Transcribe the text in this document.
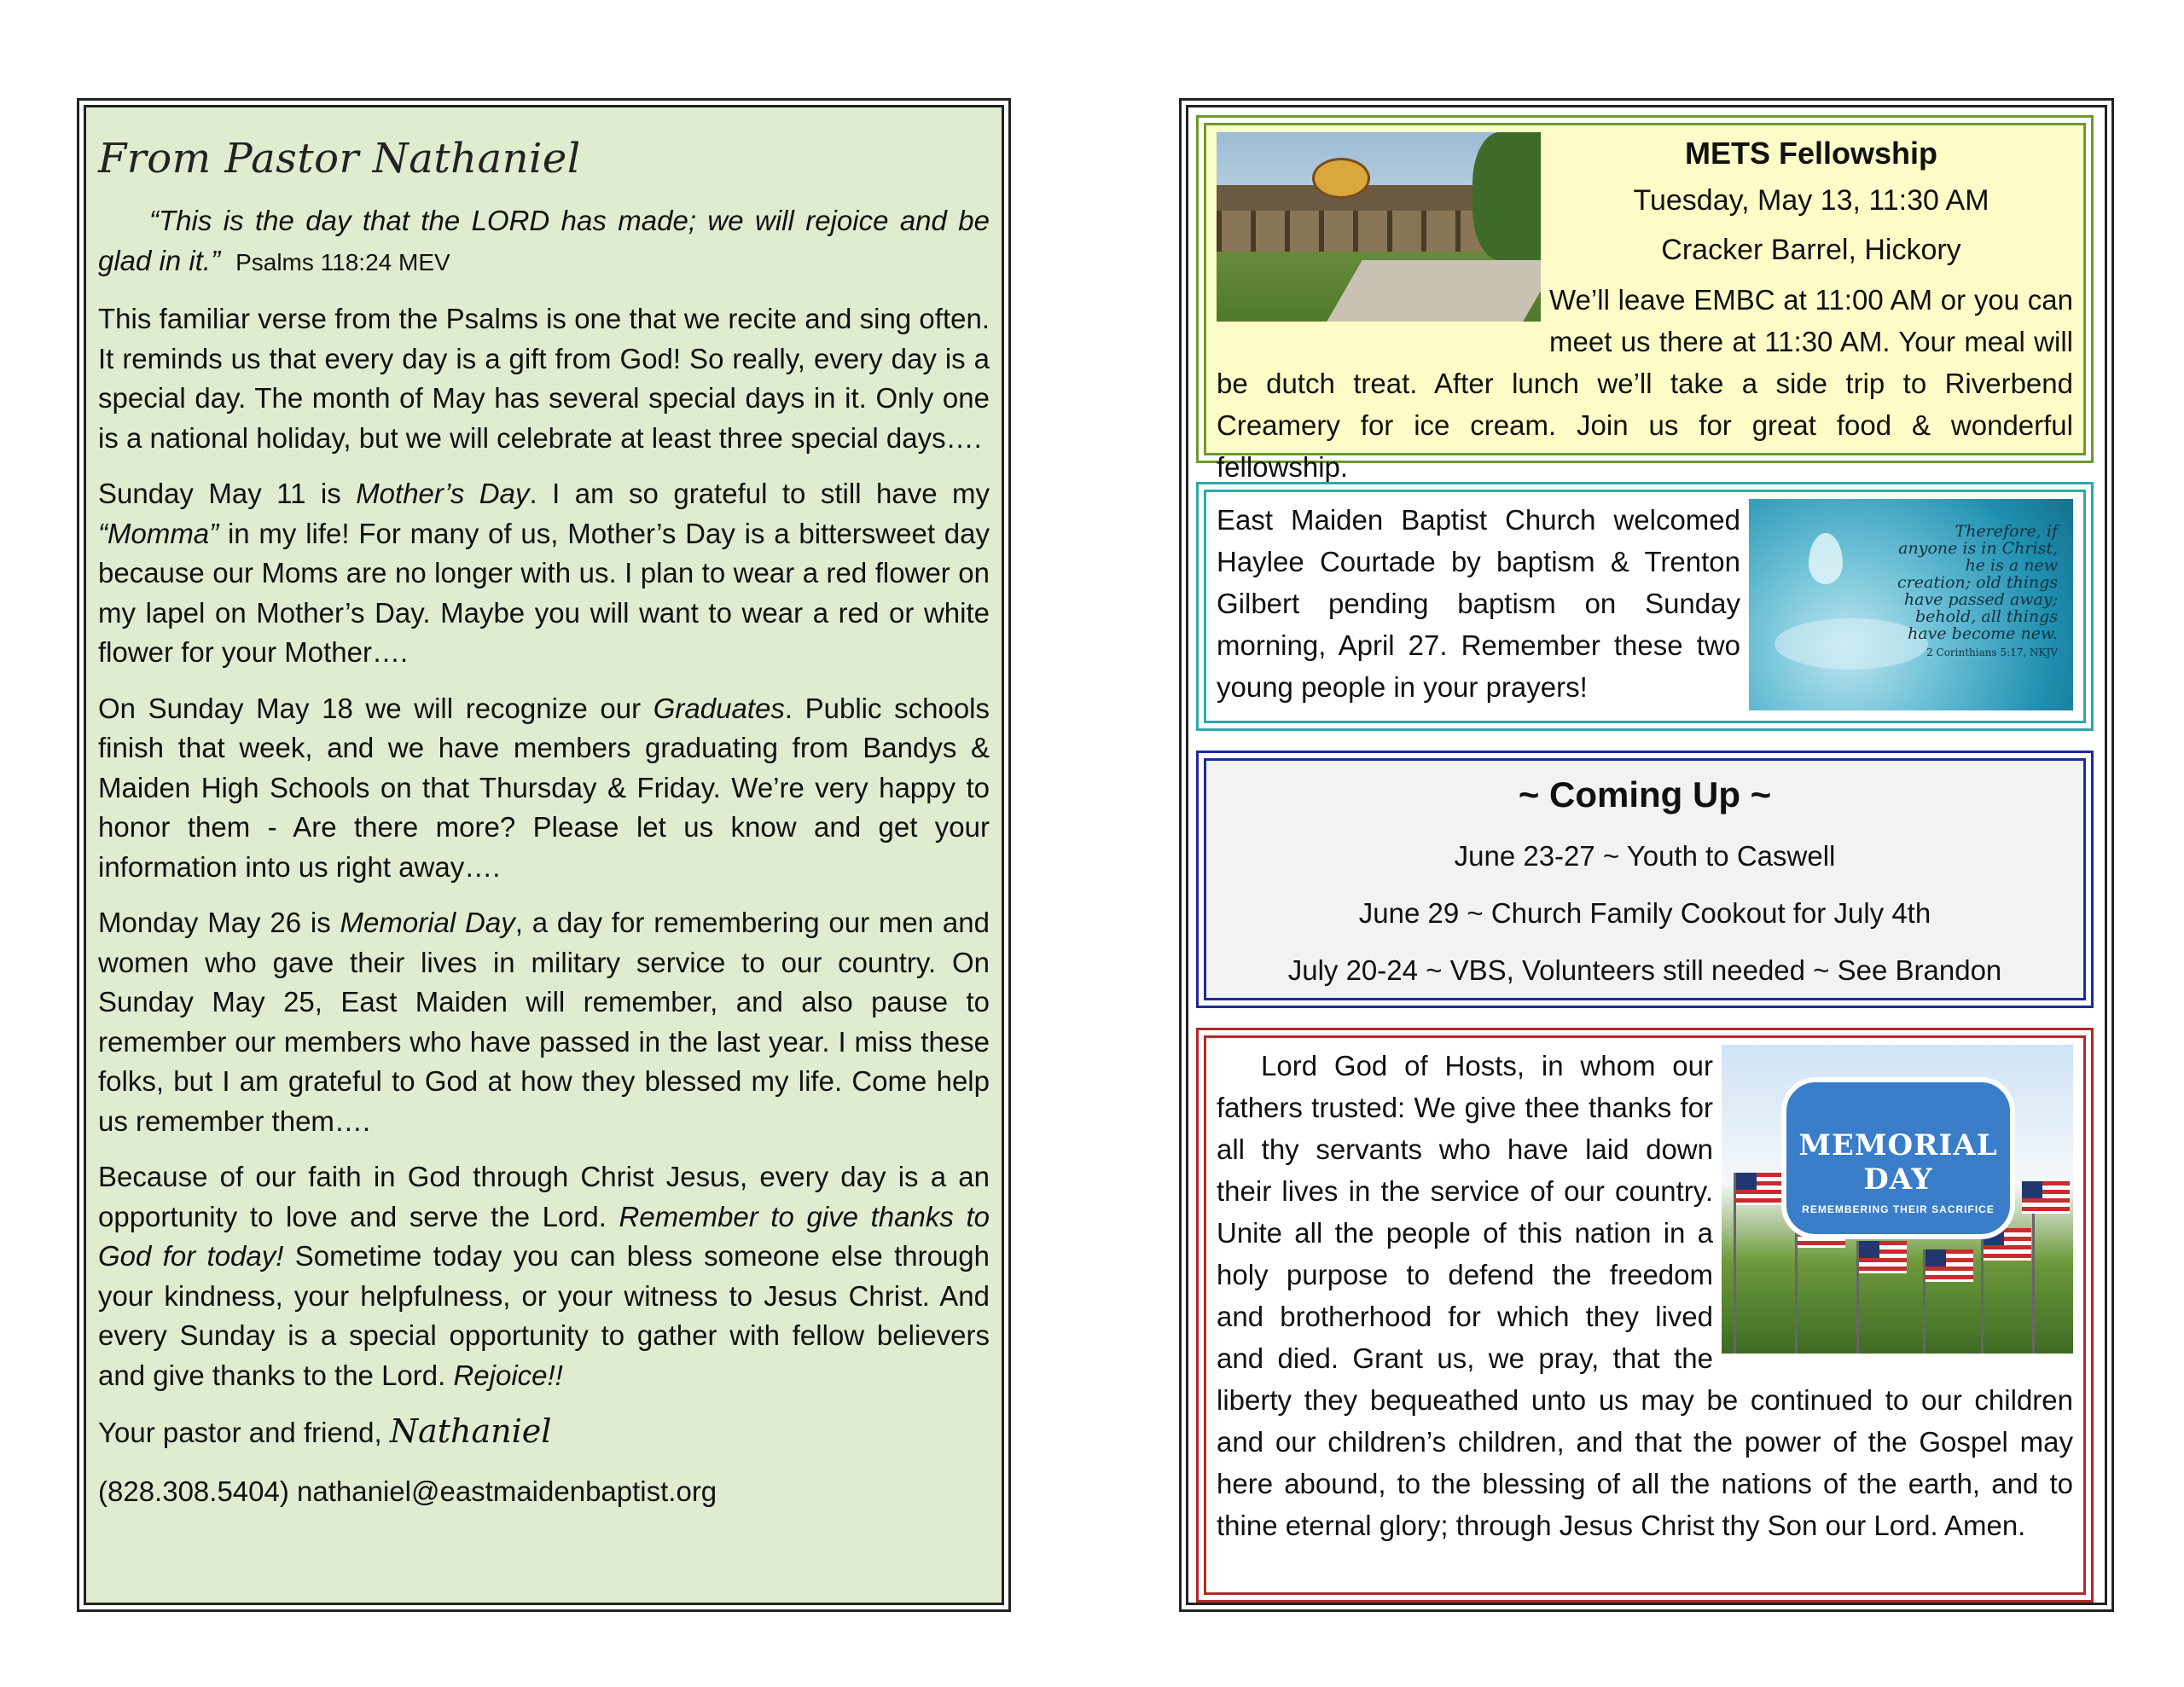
From Pastor Nathaniel

“This is the day that the LORD has made; we will rejoice and be glad in it.” Psalms 118:24 MEV

This familiar verse from the Psalms is one that we recite and sing often. It reminds us that every day is a gift from God! So really, every day is a special day. The month of May has several special days in it. Only one is a national holiday, but we will celebrate at least three special days….

Sunday May 11 is Mother’s Day. I am so grateful to still have my “Momma” in my life! For many of us, Mother’s Day is a bittersweet day because our Moms are no longer with us. I plan to wear a red flower on my lapel on Mother’s Day. Maybe you will want to wear a red or white flower for your Mother….

On Sunday May 18 we will recognize our Graduates. Public schools finish that week, and we have members graduating from Bandys & Maiden High Schools on that Thursday & Friday. We’re very happy to honor them - Are there more? Please let us know and get your information into us right away….

Monday May 26 is Memorial Day, a day for remembering our men and women who gave their lives in military service to our country. On Sunday May 25, East Maiden will remember, and also pause to remember our members who have passed in the last year. I miss these folks, but I am grateful to God at how they blessed my life. Come help us remember them….

Because of our faith in God through Christ Jesus, every day is a an opportunity to love and serve the Lord. Remember to give thanks to God for today! Sometime today you can bless someone else through your kindness, your helpfulness, or your witness to Jesus Christ. And every Sunday is a special opportunity to gather with fellow believers and give thanks to the Lord. Rejoice!!

Your pastor and friend, Nathaniel

(828.308.5404) nathaniel@eastmaidenbaptist.org

METS Fellowship

Tuesday, May 13, 11:30 AM

Cracker Barrel, Hickory

We’ll leave EMBC at 11:00 AM or you can meet us there at 11:30 AM. Your meal will be dutch treat. After lunch we’ll take a side trip to Riverbend Creamery for ice cream. Join us for great food & wonderful fellowship.

Therefore, if anyone is in Christ, he is a new creation; old things have passed away; behold, all things have become new.
2 Corinthians 5:17, NKJV

East Maiden Baptist Church welcomed Haylee Courtade by baptism & Trenton Gilbert pending baptism on Sunday morning, April 27. Remember these two young people in your prayers!

~ Coming Up ~

June 23-27 ~ Youth to Caswell

June 29 ~ Church Family Cookout for July 4th

July 20-24 ~ VBS, Volunteers still needed ~ See Brandon

MEMORIAL DAY
REMEMBERING THEIR SACRIFICE

Lord God of Hosts, in whom our fathers trusted: We give thee thanks for all thy servants who have laid down their lives in the service of our country. Unite all the people of this nation in a holy purpose to defend the freedom and brotherhood for which they lived and died. Grant us, we pray, that the liberty they bequeathed unto us may be continued to our children and our children’s children, and that the power of the Gospel may here abound, to the blessing of all the nations of the earth, and to thine eternal glory; through Jesus Christ thy Son our Lord. Amen.
